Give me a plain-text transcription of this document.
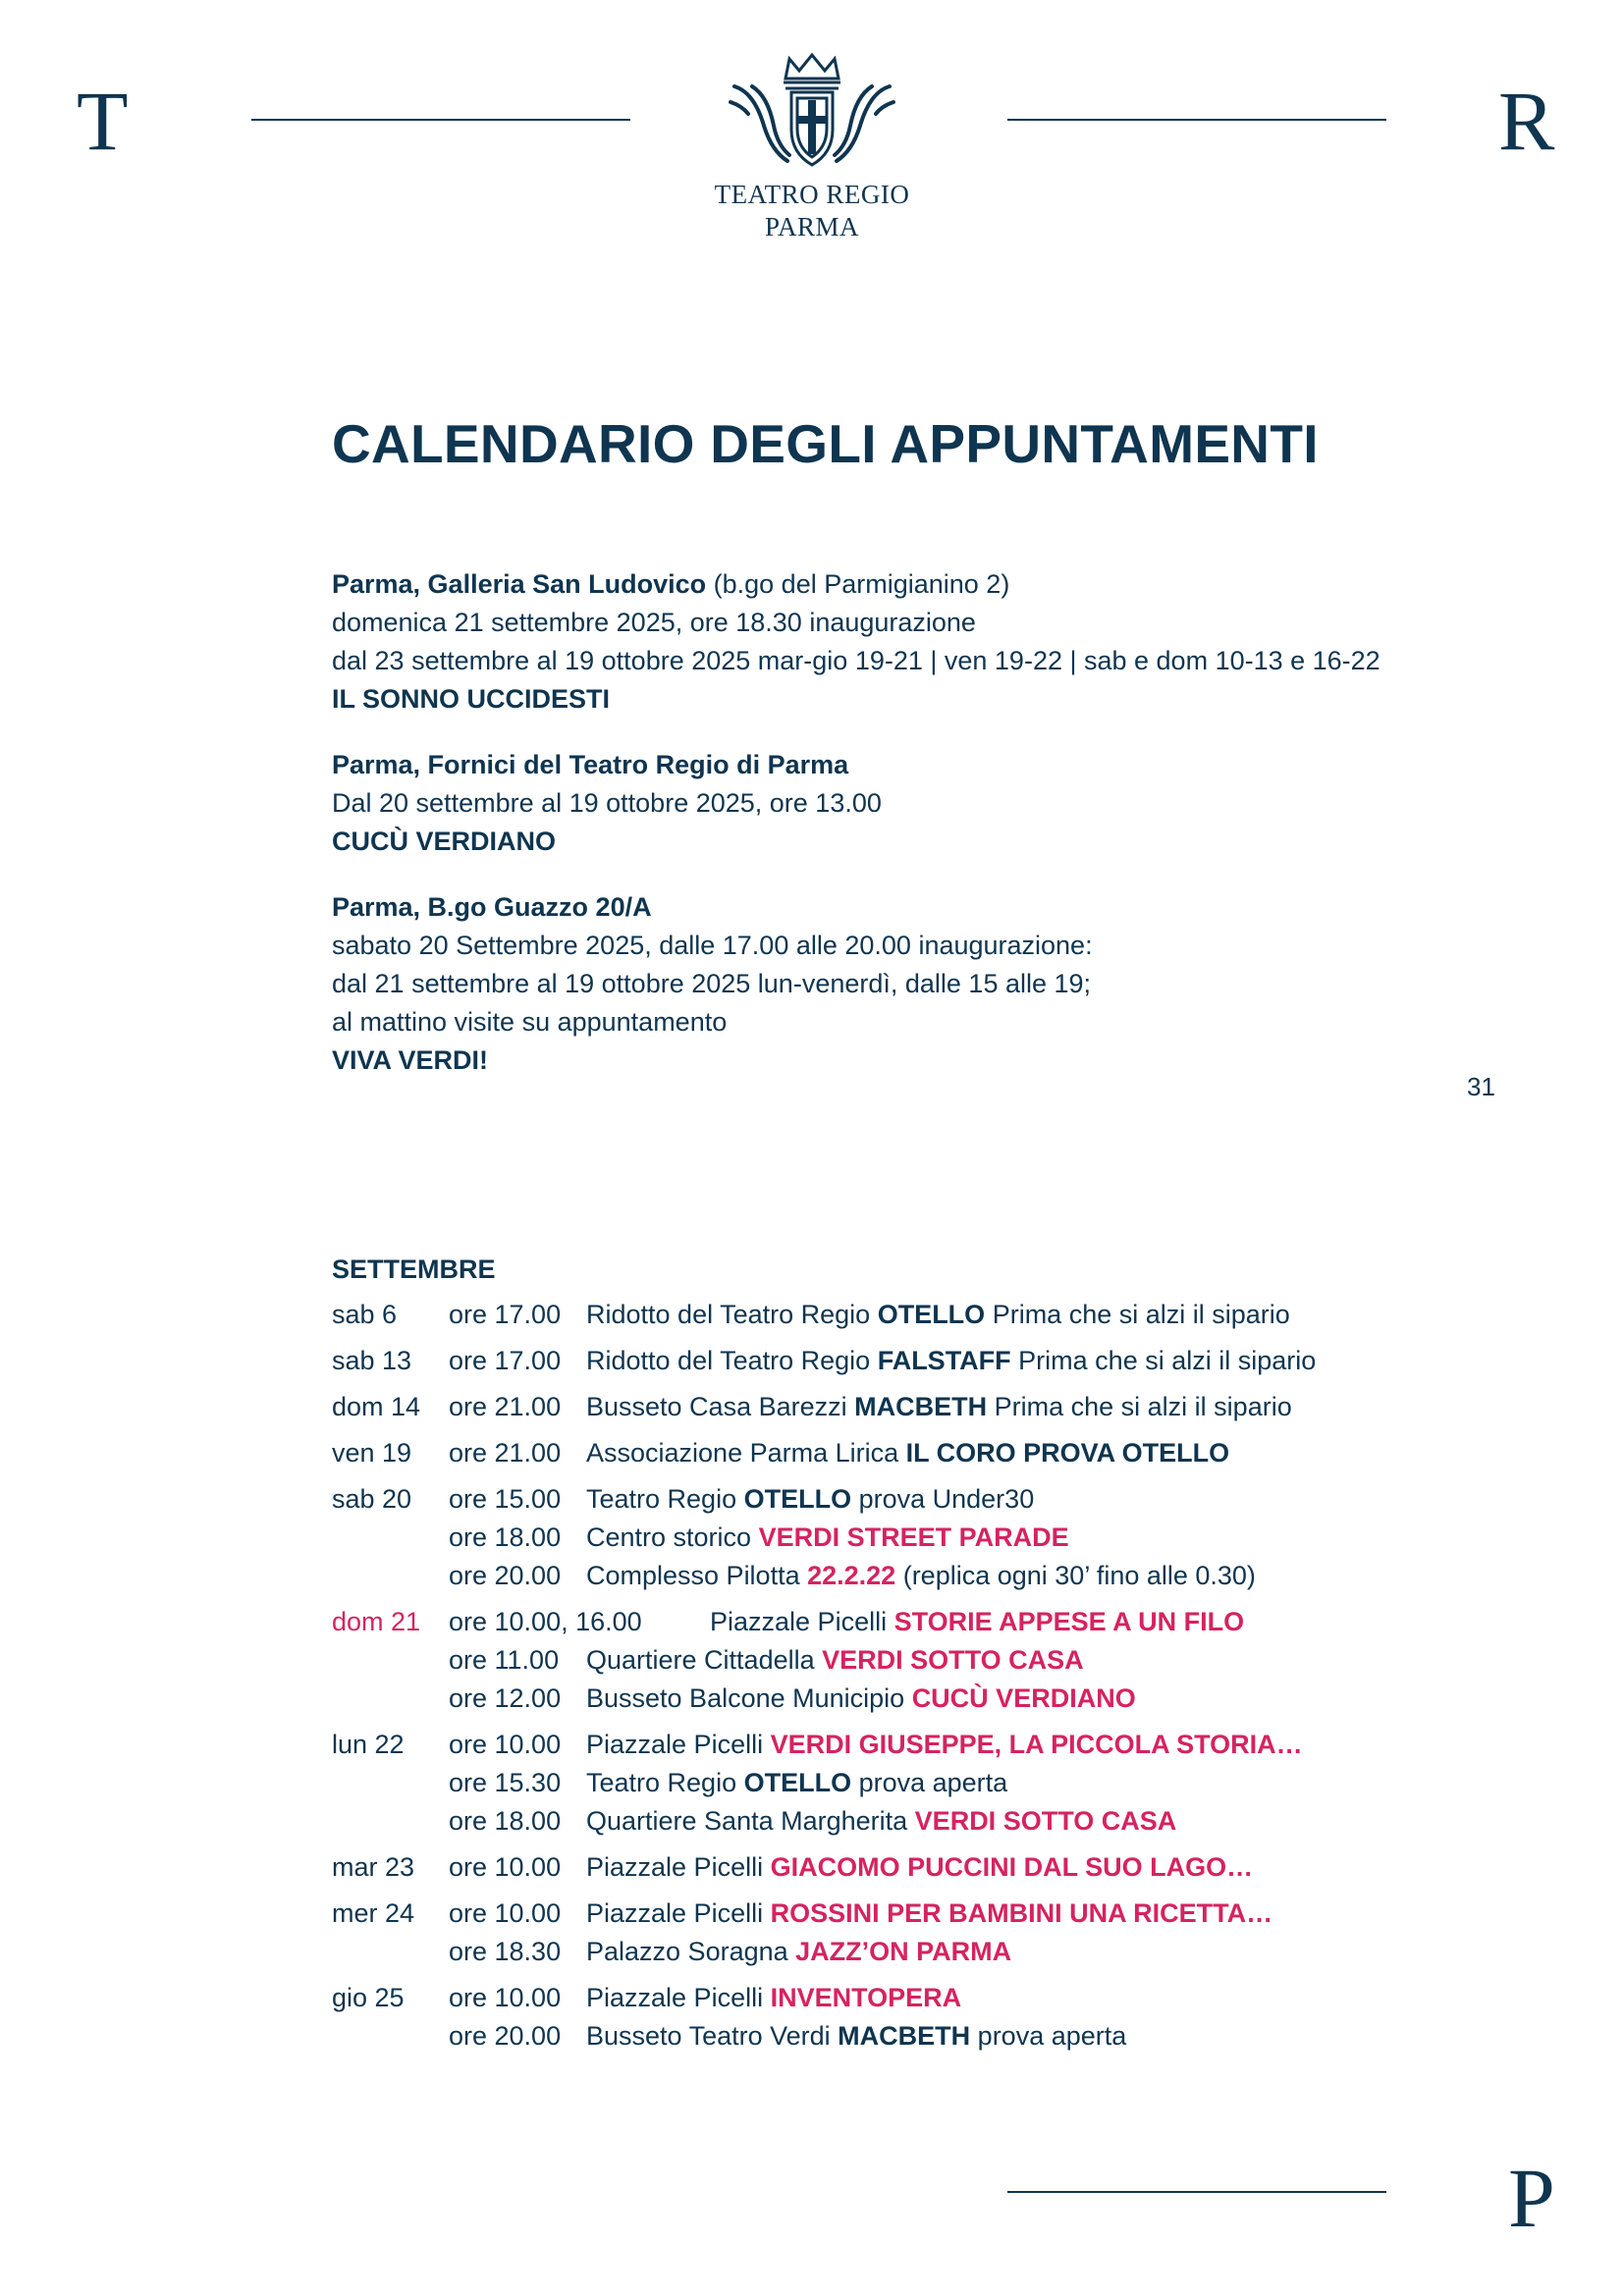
T
TEATRO REGIO
PARMA
R
CALENDARIO DEGLI APPUNTAMENTI
Parma, Galleria San Ludovico (b.go del Parmigianino 2)
domenica 21 settembre 2025, ore 18.30 inaugurazione
dal 23 settembre al 19 ottobre 2025 mar-gio 19-21 | ven 19-22 | sab e dom 10-13 e 16-22
IL SONNO UCCIDESTI
Parma, Fornici del Teatro Regio di Parma
Dal 20 settembre al 19 ottobre 2025, ore 13.00
CUCÙ VERDIANO
Parma, B.go Guazzo 20/A
sabato 20 Settembre 2025, dalle 17.00 alle 20.00 inaugurazione:
dal 21 settembre al 19 ottobre 2025 lun-venerdì, dalle 15 alle 19;
al mattino visite su appuntamento
VIVA VERDI!
31
SETTEMBRE
sab 6 ore 17.00 Ridotto del Teatro Regio OTELLO Prima che si alzi il sipario
sab 13 ore 17.00 Ridotto del Teatro Regio FALSTAFF Prima che si alzi il sipario
dom 14 ore 21.00 Busseto Casa Barezzi MACBETH Prima che si alzi il sipario
ven 19 ore 21.00 Associazione Parma Lirica IL CORO PROVA OTELLO
sab 20 ore 15.00 Teatro Regio OTELLO prova Under30
ore 18.00 Centro storico VERDI STREET PARADE
ore 20.00 Complesso Pilotta 22.2.22 (replica ogni 30’ fino alle 0.30)
dom 21 ore 10.00, 16.00	Piazzale Picelli STORIE APPESE A UN FILO
ore 11.00 Quartiere Cittadella VERDI SOTTO CASA
ore 12.00 Busseto Balcone Municipio CUCÙ VERDIANO
lun 22 ore 10.00 Piazzale Picelli VERDI GIUSEPPE, LA PICCOLA STORIA…
ore 15.30 Teatro Regio OTELLO prova aperta
ore 18.00 Quartiere Santa Margherita VERDI SOTTO CASA
mar 23 ore 10.00 Piazzale Picelli GIACOMO PUCCINI DAL SUO LAGO…
mer 24 ore 10.00 Piazzale Picelli ROSSINI PER BAMBINI UNA RICETTA…
ore 18.30 Palazzo Soragna JAZZ’ON PARMA
gio 25 ore 10.00 Piazzale Picelli INVENTOPERA
ore 20.00 Busseto Teatro Verdi MACBETH prova aperta
P
